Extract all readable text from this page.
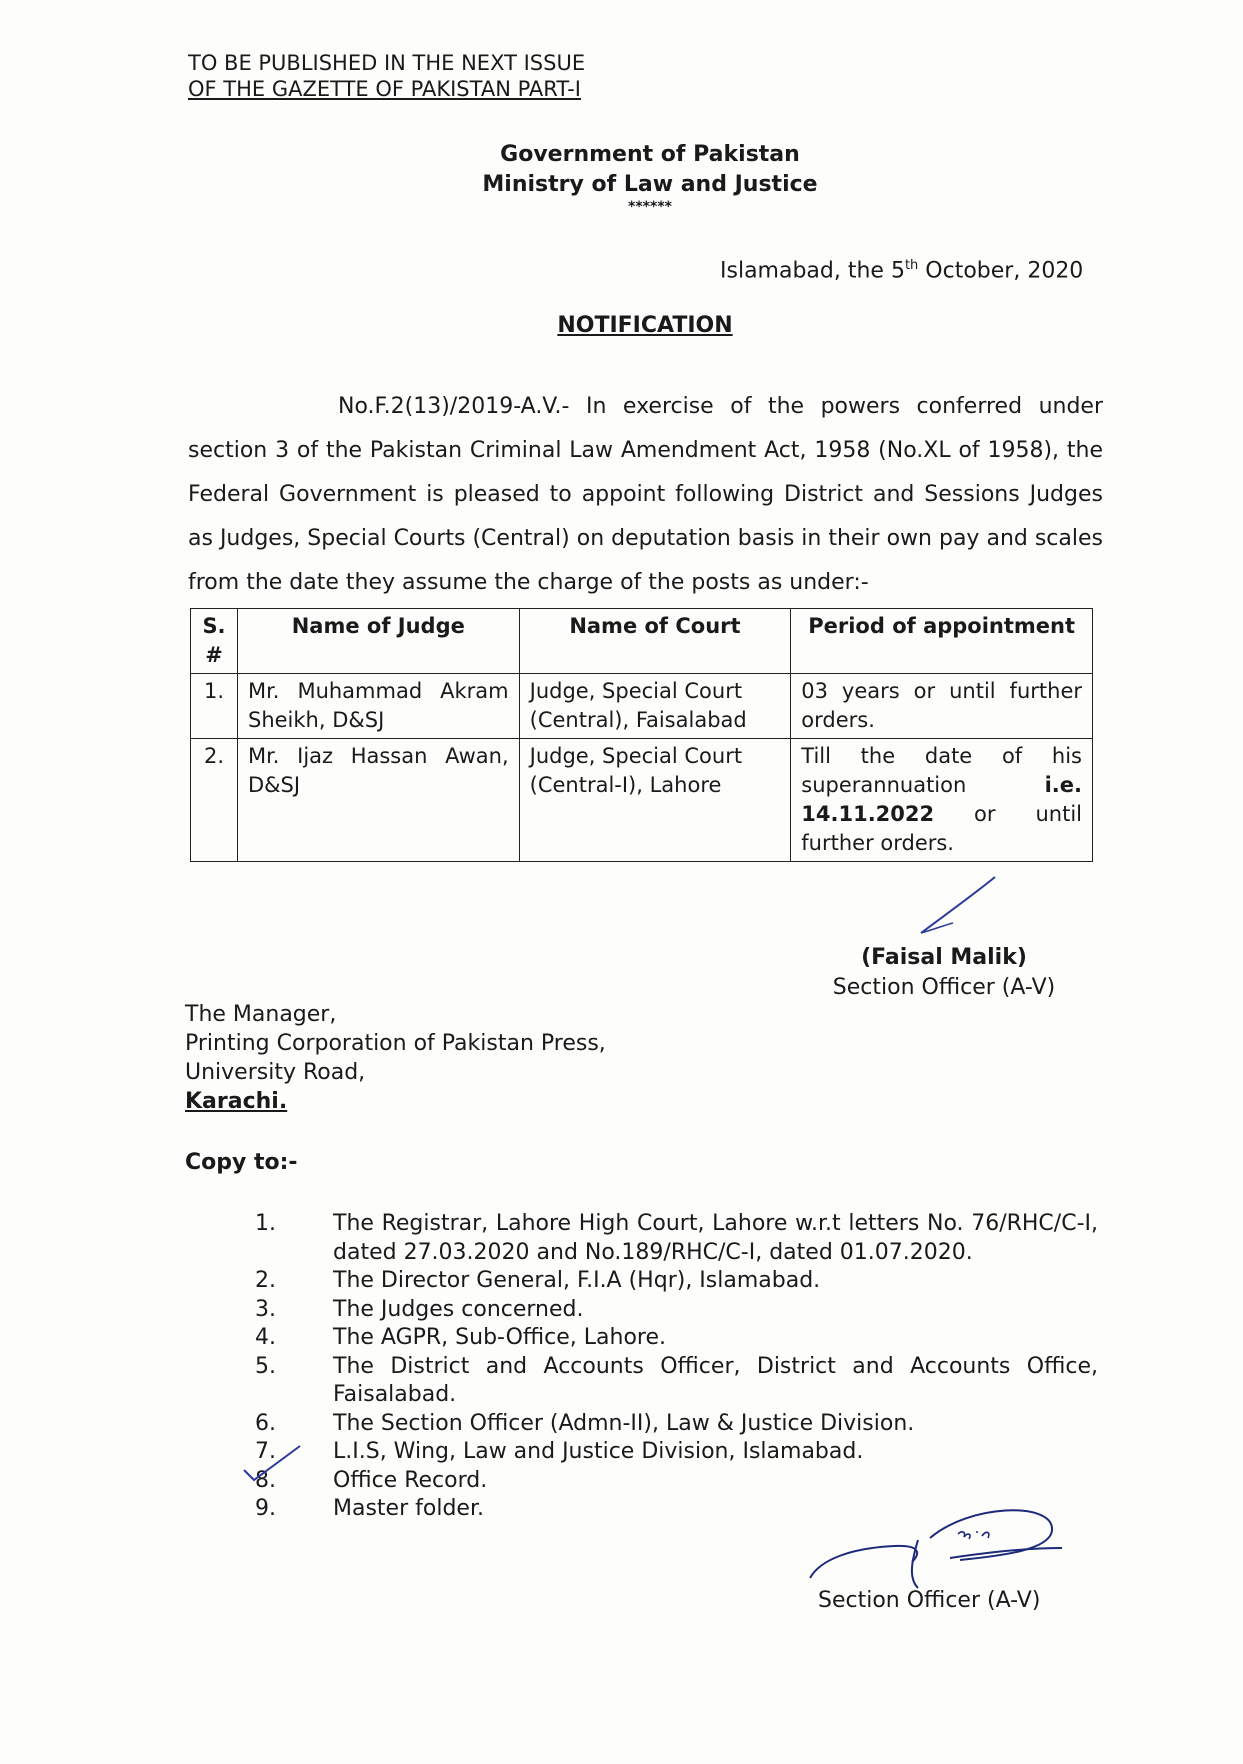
TO BE PUBLISHED IN THE NEXT ISSUE
OF THE GAZETTE OF PAKISTAN PART-I
Government of Pakistan
Ministry of Law and Justice
******
Islamabad, the 5th October, 2020
NOTIFICATION
No.F.2(13)/2019-A.V.- In exercise of the powers conferred under section 3 of the Pakistan Criminal Law Amendment Act, 1958 (No.XL of 1958), the Federal Government is pleased to appoint following District and Sessions Judges as Judges, Special Courts (Central) on deputation basis in their own pay and scales from the date they assume the charge of the posts as under:-
S. #	Name of Judge	Name of Court	Period of appointment
1.	Mr. Muhammad Akram Sheikh, D&SJ	Judge, Special Court (Central), Faisalabad	03 years or until further orders.
2.	Mr. Ijaz Hassan Awan, D&SJ	Judge, Special Court (Central-I), Lahore	Till the date of his superannuation i.e. 14.11.2022 or until further orders.
(Faisal Malik)
Section Officer (A-V)
The Manager,
Printing Corporation of Pakistan Press,
University Road,
Karachi.
Copy to:-
1.	The Registrar, Lahore High Court, Lahore w.r.t letters No. 76/RHC/C-I, dated 27.03.2020 and No.189/RHC/C-I, dated 01.07.2020.
2.	The Director General, F.I.A (Hqr), Islamabad.
3.	The Judges concerned.
4.	The AGPR, Sub-Office, Lahore.
5.	The District and Accounts Officer, District and Accounts Office, Faisalabad.
6.	The Section Officer (Admn-II), Law & Justice Division.
7.	L.I.S, Wing, Law and Justice Division, Islamabad.
8.	Office Record.
9.	Master folder.
Section Officer (A-V)
